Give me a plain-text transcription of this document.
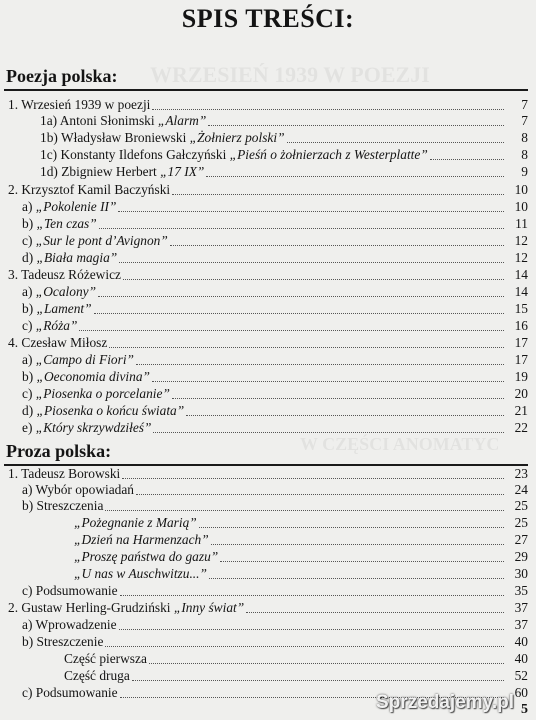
WRZESIEŃ 1939 W POEZJI
W CZĘŚCI ANOMATYC
SPIS TREŚCI:
Poezja polska:
1. Wrzesień 1939 w poezji	7
1a) Antoni Słonimski „Alarm”	7
1b) Władysław Broniewski „Żołnierz polski”	8
1c) Konstanty Ildefons Gałczyński „Pieśń o żołnierzach z Westerplatte”	8
1d) Zbigniew Herbert „17 IX”	9
2. Krzysztof Kamil Baczyński	10
a) „Pokolenie II”	10
b) „Ten czas”	11
c) „Sur le pont d’Avignon”	12
d) „Biała magia”	12
3. Tadeusz Różewicz	14
a) „Ocalony”	14
b) „Lament”	15
c) „Róża”	16
4. Czesław Miłosz	17
a) „Campo di Fiori”	17
b) „Oeconomia divina”	19
c) „Piosenka o porcelanie”	20
d) „Piosenka o końcu świata”	21
e) „Który skrzywdziłeś”	22
Proza polska:
1. Tadeusz Borowski	23
a) Wybór opowiadań	24
b) Streszczenia	25
„Pożegnanie z Marią”	25
„Dzień na Harmenzach”	27
„Proszę państwa do gazu”	29
„U nas w Auschwitzu...”	30
c) Podsumowanie	35
2. Gustaw Herling-Grudziński „Inny świat”	37
a) Wprowadzenie	37
b) Streszczenie	40
Część pierwsza	40
Część druga	52
c) Podsumowanie	60
5
Sprzedajemy.pl
